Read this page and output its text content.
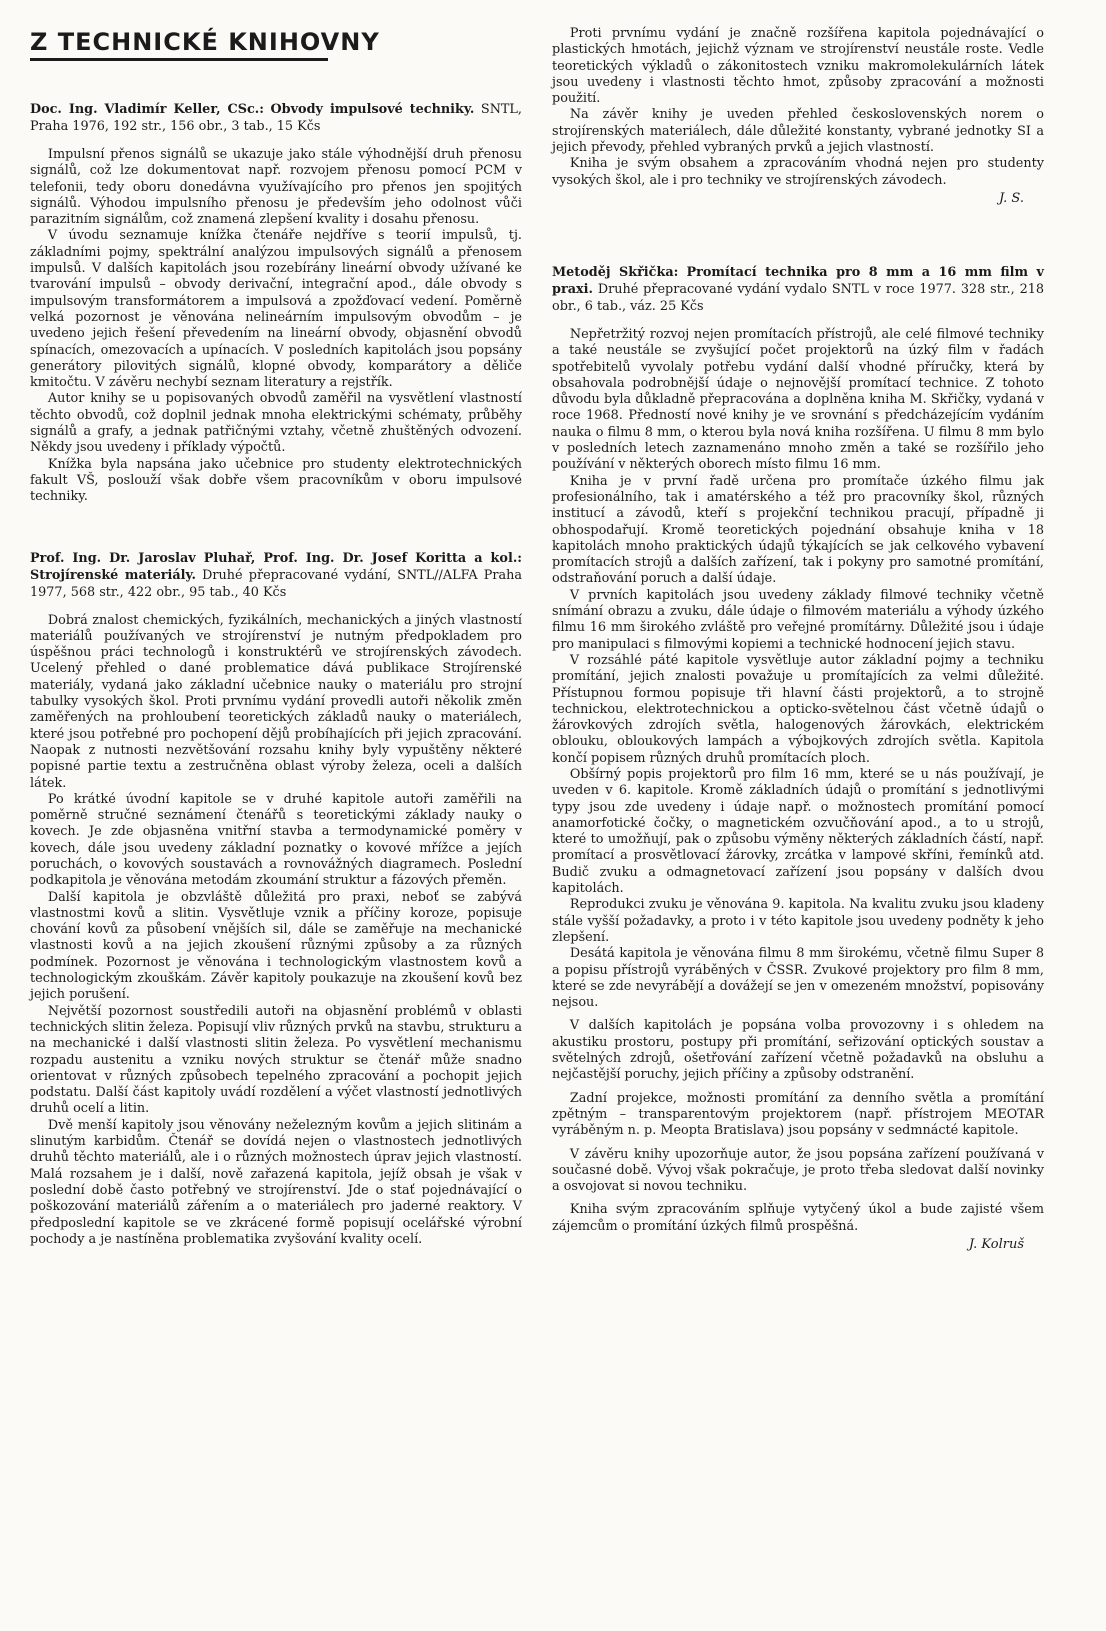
Z TECHNICKÉ KNIHOVNY

Doc. Ing. Vladimír Keller, CSc.: Obvody impulsové techniky. SNTL, Praha 1976, 192 str., 156 obr., 3 tab., 15 Kčs

Impulsní přenos signálů se ukazuje jako stále výhodnější druh přenosu signálů, což lze dokumentovat např. rozvojem přenosu pomocí PCM v telefonii, tedy oboru donedávna využívajícího pro přenos jen spojitých signálů. Výhodou impulsního přenosu je především jeho odolnost vůči parazitním signálům, což znamená zlepšení kvality i dosahu přenosu.

V úvodu seznamuje knížka čtenáře nejdříve s teorií impulsů, tj. základními pojmy, spektrální analýzou impulsových signálů a přenosem impulsů. V dalších kapitolách jsou rozebírány lineární obvody užívané ke tvarování impulsů – obvody derivační, integrační apod., dále obvody s impulsovým transformátorem a impulsová a zpožďovací vedení. Poměrně velká pozornost je věnována nelineárním impulsovým obvodům – je uvedeno jejich řešení převedením na lineární obvody, objasnění obvodů spínacích, omezovacích a upínacích. V posledních kapitolách jsou popsány generátory pilovitých signálů, klopné obvody, komparátory a děliče kmitočtu. V závěru nechybí seznam literatury a rejstřík.

Autor knihy se u popisovaných obvodů zaměřil na vysvětlení vlastností těchto obvodů, což doplnil jednak mnoha elektrickými schématy, průběhy signálů a grafy, a jednak patřičnými vztahy, včetně zhuštěných odvození. Někdy jsou uvedeny i příklady výpočtů.

Knížka byla napsána jako učebnice pro studenty elektrotechnických fakult VŠ, poslouží však dobře všem pracovníkům v oboru impulsové techniky.

Prof. Ing. Dr. Jaroslav Pluhař, Prof. Ing. Dr. Josef Koritta a kol.: Strojírenské materiály. Druhé přepracované vydání, SNTL//ALFA Praha 1977, 568 str., 422 obr., 95 tab., 40 Kčs

Dobrá znalost chemických, fyzikálních, mechanických a jiných vlastností materiálů používaných ve strojírenství je nutným předpokladem pro úspěšnou práci technologů i konstruktérů ve strojírenských závodech. Ucelený přehled o dané problematice dává publikace Strojírenské materiály, vydaná jako základní učebnice nauky o materiálu pro strojní tabulky vysokých škol. Proti prvnímu vydání provedli autoři několik změn zaměřených na prohloubení teoretických základů nauky o materiálech, které jsou potřebné pro pochopení dějů probíhajících při jejich zpracování. Naopak z nutnosti nezvětšování rozsahu knihy byly vypuštěny některé popisné partie textu a zestručněna oblast výroby železa, oceli a dalších látek.

Po krátké úvodní kapitole se v druhé kapitole autoři zaměřili na poměrně stručné seznámení čtenářů s teoretickými základy nauky o kovech. Je zde objasněna vnitřní stavba a termodynamické poměry v kovech, dále jsou uvedeny základní poznatky o kovové mřížce a jejích poruchách, o kovových soustavách a rovnovážných diagramech. Poslední podkapitola je věnována metodám zkoumání struktur a fázových přeměn.

Další kapitola je obzvláště důležitá pro praxi, neboť se zabývá vlastnostmi kovů a slitin. Vysvětluje vznik a příčiny koroze, popisuje chování kovů za působení vnějších sil, dále se zaměřuje na mechanické vlastnosti kovů a na jejich zkoušení různými způsoby a za různých podmínek. Pozornost je věnována i technologickým vlastnostem kovů a technologickým zkouškám. Závěr kapitoly poukazuje na zkoušení kovů bez jejich porušení.

Největší pozornost soustředili autoři na objasnění problémů v oblasti technických slitin železa. Popisují vliv různých prvků na stavbu, strukturu a na mechanické i další vlastnosti slitin železa. Po vysvětlení mechanismu rozpadu austenitu a vzniku nových struktur se čtenář může snadno orientovat v různých způsobech tepelného zpracování a pochopit jejich podstatu. Další část kapitoly uvádí rozdělení a výčet vlastností jednotlivých druhů ocelí a litin.

Dvě menší kapitoly jsou věnovány neželezným kovům a jejich slitinám a slinutým karbidům. Čtenář se dovídá nejen o vlastnostech jednotlivých druhů těchto materiálů, ale i o různých možnostech úprav jejich vlastností. Malá rozsahem je i další, nově zařazená kapitola, jejíž obsah je však v poslední době často potřebný ve strojírenství. Jde o stať pojednávající o poškozování materiálů zářením a o materiálech pro jaderné reaktory. V předposlední kapitole se ve zkrácené formě popisují ocelářské výrobní pochody a je nastíněna problematika zvyšování kvality ocelí.

Proti prvnímu vydání je značně rozšířena kapitola pojednávající o plastických hmotách, jejichž význam ve strojírenství neustále roste. Vedle teoretických výkladů o zákonitostech vzniku makromolekulárních látek jsou uvedeny i vlastnosti těchto hmot, způsoby zpracování a možnosti použití.

Na závěr knihy je uveden přehled československých norem o strojírenských materiálech, dále důležité konstanty, vybrané jednotky SI a jejich převody, přehled vybraných prvků a jejich vlastností.

Kniha je svým obsahem a zpracováním vhodná nejen pro studenty vysokých škol, ale i pro techniky ve strojírenských závodech.

J. S.

Metoděj Skřička: Promítací technika pro 8 mm a 16 mm film v praxi. Druhé přepracované vydání vydalo SNTL v roce 1977. 328 str., 218 obr., 6 tab., váz. 25 Kčs

Nepřetržitý rozvoj nejen promítacích přístrojů, ale celé filmové techniky a také neustále se zvyšující počet projektorů na úzký film v řadách spotřebitelů vyvolaly potřebu vydání další vhodné příručky, která by obsahovala podrobnější údaje o nejnovější promítací technice. Z tohoto důvodu byla důkladně přepracována a doplněna kniha M. Skřičky, vydaná v roce 1968. Předností nové knihy je ve srovnání s předcházejícím vydáním nauka o filmu 8 mm, o kterou byla nová kniha rozšířena. U filmu 8 mm bylo v posledních letech zaznamenáno mnoho změn a také se rozšířilo jeho používání v některých oborech místo filmu 16 mm.

Kniha je v první řadě určena pro promítače úzkého filmu jak profesionálního, tak i amatérského a též pro pracovníky škol, různých institucí a závodů, kteří s projekční technikou pracují, případně ji obhospodařují. Kromě teoretických pojednání obsahuje kniha v 18 kapitolách mnoho praktických údajů týkajících se jak celkového vybavení promítacích strojů a dalších zařízení, tak i pokyny pro samotné promítání, odstraňování poruch a další údaje.

V prvních kapitolách jsou uvedeny základy filmové techniky včetně snímání obrazu a zvuku, dále údaje o filmovém materiálu a výhody úzkého filmu 16 mm širokého zvláště pro veřejné promítárny. Důležité jsou i údaje pro manipulaci s filmovými kopiemi a technické hodnocení jejich stavu.

V rozsáhlé páté kapitole vysvětluje autor základní pojmy a techniku promítání, jejich znalosti považuje u promítajících za velmi důležité. Přístupnou formou popisuje tři hlavní části projektorů, a to strojně technickou, elektrotechnickou a opticko-světelnou část včetně údajů o žárovkových zdrojích světla, halogenových žárovkách, elektrickém oblouku, obloukových lampách a výbojkových zdrojích světla. Kapitola končí popisem různých druhů promítacích ploch.

Obšírný popis projektorů pro film 16 mm, které se u nás používají, je uveden v 6. kapitole. Kromě základních údajů o promítání s jednotlivými typy jsou zde uvedeny i údaje např. o možnostech promítání pomocí anamorfotické čočky, o magnetickém ozvučňování apod., a to u strojů, které to umožňují, pak o způsobu výměny některých základních částí, např. promítací a prosvětlovací žárovky, zrcátka v lampové skříni, řemínků atd. Budič zvuku a odmagnetovací zařízení jsou popsány v dalších dvou kapitolách.

Reprodukci zvuku je věnována 9. kapitola. Na kvalitu zvuku jsou kladeny stále vyšší požadavky, a proto i v této kapitole jsou uvedeny podněty k jeho zlepšení.

Desátá kapitola je věnována filmu 8 mm širokému, včetně filmu Super 8 a popisu přístrojů vyráběných v ČSSR. Zvukové projektory pro film 8 mm, které se zde nevyrábějí a dovážejí se jen v omezeném množství, popisovány nejsou.

V dalších kapitolách je popsána volba provozovny i s ohledem na akustiku prostoru, postupy při promítání, seřizování optických soustav a světelných zdrojů, ošetřování zařízení včetně požadavků na obsluhu a nejčastější poruchy, jejich příčiny a způsoby odstranění.

Zadní projekce, možnosti promítání za denního světla a promítání zpětným – transparentovým projektorem (např. přístrojem MEOTAR vyráběným n. p. Meopta Bratislava) jsou popsány v sedmnácté kapitole.

V závěru knihy upozorňuje autor, že jsou popsána zařízení používaná v současné době. Vývoj však pokračuje, je proto třeba sledovat další novinky a osvojovat si novou techniku.

Kniha svým zpracováním splňuje vytyčený úkol a bude zajisté všem zájemcům o promítání úzkých filmů prospěšná.

J. Kolruš
